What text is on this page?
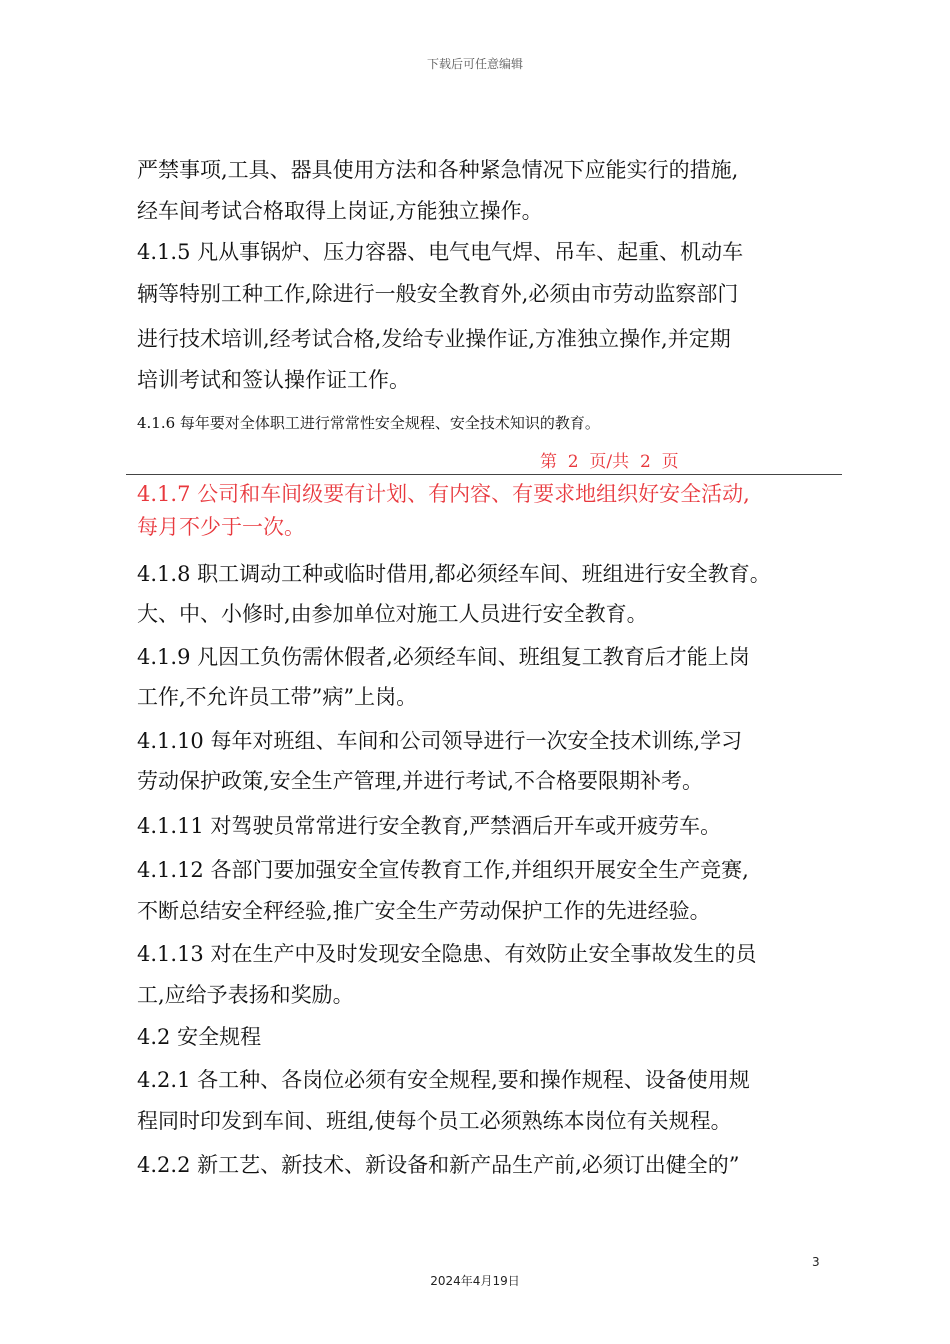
下载后可任意编辑

严禁事项,工具、器具使用方法和各种紧急情况下应能实行的措施,

经车间考试合格取得上岗证,方能独立操作。

4.1.5 凡从事锅炉、压力容器、电气电气焊、吊车、起重、机动车

辆等特别工种工作,除进行一般安全教育外,必须由市劳动监察部门

进行技术培训,经考试合格,发给专业操作证,方准独立操作,并定期

培训考试和签认操作证工作。

4.1.6 每年要对全体职工进行常常性安全规程、安全技术知识的教育。

第  2  页/共  2  页

4.1.7 公司和车间级要有计划、有内容、有要求地组织好安全活动,

每月不少于一次。

4.1.8 职工调动工种或临时借用,都必须经车间、班组进行安全教育。

大、中、小修时,由参加单位对施工人员进行安全教育。

4.1.9 凡因工负伤需休假者,必须经车间、班组复工教育后才能上岗

工作,不允许员工带”病”上岗。

4.1.10 每年对班组、车间和公司领导进行一次安全技术训练,学习

劳动保护政策,安全生产管理,并进行考试,不合格要限期补考。

4.1.11 对驾驶员常常进行安全教育,严禁酒后开车或开疲劳车。

4.1.12 各部门要加强安全宣传教育工作,并组织开展安全生产竞赛,

不断总结安全秤经验,推广安全生产劳动保护工作的先进经验。

4.1.13 对在生产中及时发现安全隐患、有效防止安全事故发生的员

工,应给予表扬和奖励。

4.2 安全规程

4.2.1 各工种、各岗位必须有安全规程,要和操作规程、设备使用规

程同时印发到车间、班组,使每个员工必须熟练本岗位有关规程。

4.2.2 新工艺、新技术、新设备和新产品生产前,必须订出健全的”

3
2024年4月19日
